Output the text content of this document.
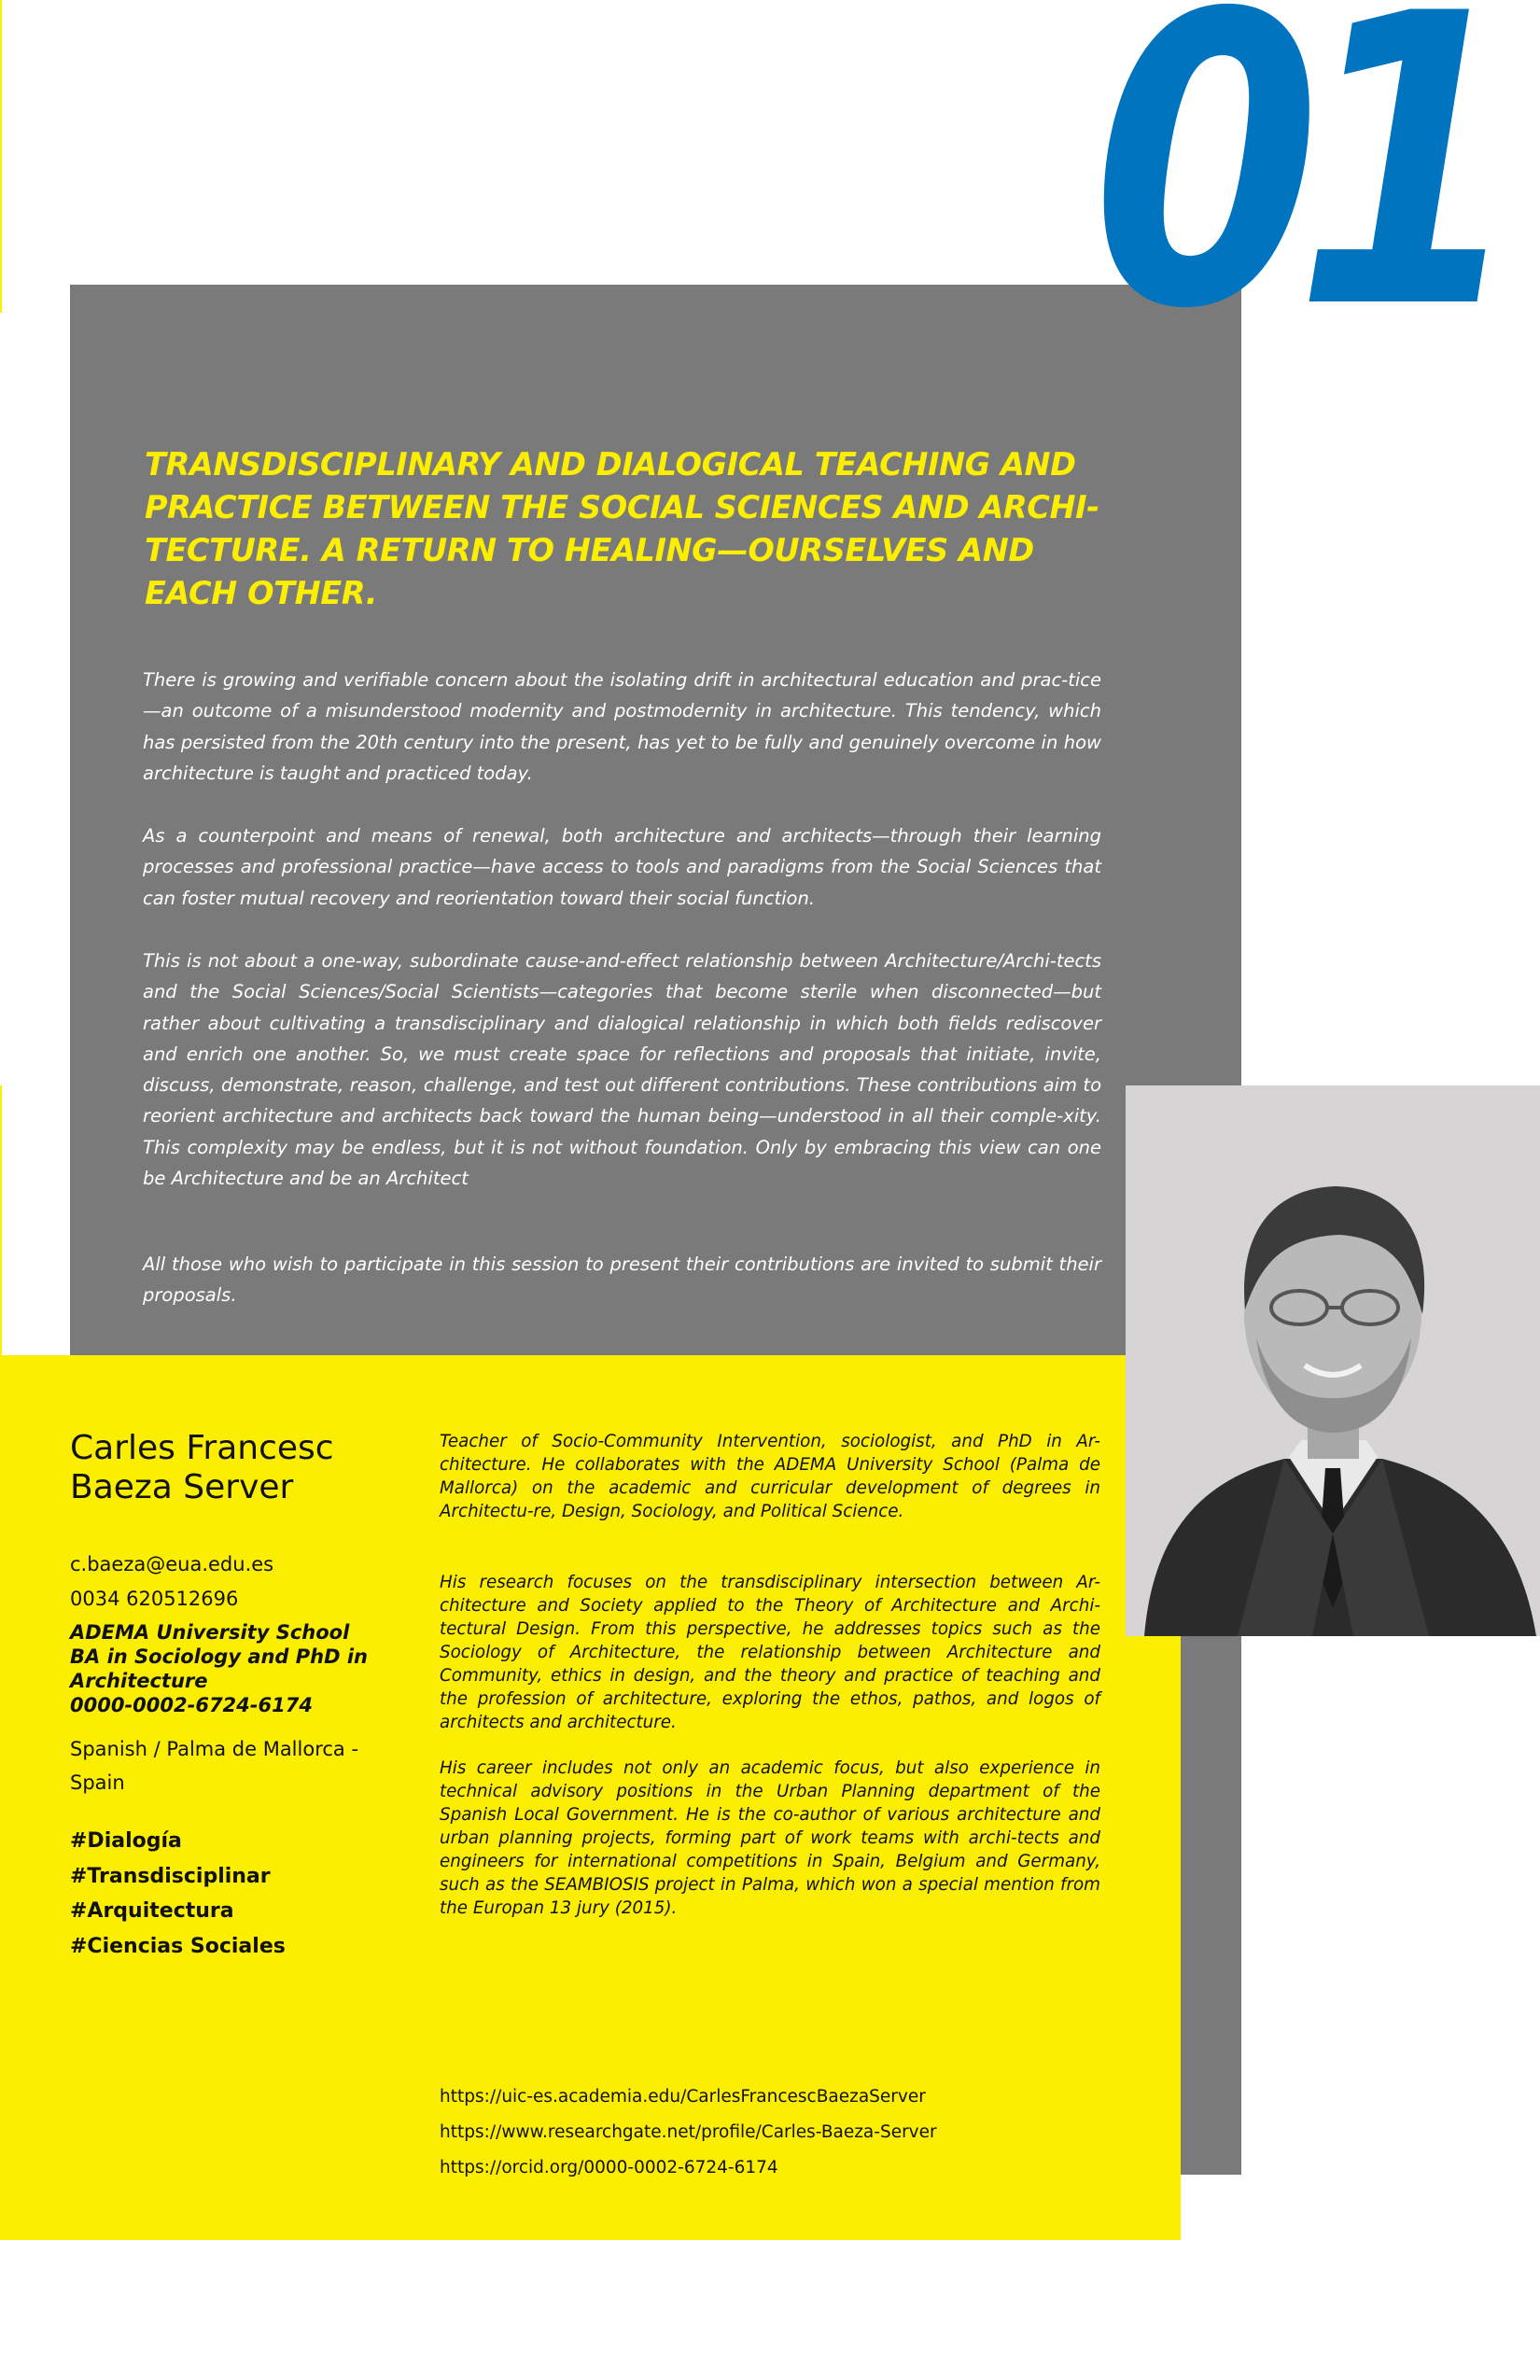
01
TRANSDISCIPLINARY AND DIALOGICAL TEACHING AND PRACTICE BETWEEN THE SOCIAL SCIENCES AND ARCHI-TECTURE. A RETURN TO HEALING—OURSELVES AND EACH OTHER.

There is growing and verifiable concern about the isolating drift in architectural education and prac-tice—an outcome of a misunderstood modernity and postmodernity in architecture. This tendency, which has persisted from the 20th century into the present, has yet to be fully and genuinely overcome in how architecture is taught and practiced today.

As a counterpoint and means of renewal, both architecture and architects—through their learning processes and professional practice—have access to tools and paradigms from the Social Sciences that can foster mutual recovery and reorientation toward their social function.

This is not about a one-way, subordinate cause-and-effect relationship between Architecture/Archi-tects and the Social Sciences/Social Scientists—categories that become sterile when disconnected—but rather about cultivating a transdisciplinary and dialogical relationship in which both fields rediscover and enrich one another. So, we must create space for reflections and proposals that initiate, invite, discuss, demonstrate, reason, challenge, and test out different contributions. These contributions aim to reorient architecture and architects back toward the human being—understood in all their comple-xity. This complexity may be endless, but it is not without foundation. Only by embracing this view can one be Architecture and be an Architect

All those who wish to participate in this session to present their contributions are invited to submit their proposals.

Carles Francesc
Baeza Server
c.baeza@eua.edu.es
0034 620512696
ADEMA University School
BA in Sociology and PhD in Architecture
0000-0002-6724-6174
Spanish / Palma de Mallorca -
Spain
#Dialogía
#Transdisciplinar
#Arquitectura
#Ciencias Sociales

Teacher of Socio-Community Intervention, sociologist, and PhD in Ar-chitecture. He collaborates with the ADEMA University School (Palma de Mallorca) on the academic and curricular development of degrees in Architectu-re, Design, Sociology, and Political Science.

His research focuses on the transdisciplinary intersection between Ar-chitecture and Society applied to the Theory of Architecture and Archi-tectural Design. From this perspective, he addresses topics such as the Sociology of Architecture, the relationship between Architecture and Community, ethics in design, and the theory and practice of teaching and the profession of architecture, exploring the ethos, pathos, and logos of architects and architecture.

His career includes not only an academic focus, but also experience in technical advisory positions in the Urban Planning department of the Spanish Local Government. He is the co-author of various architecture and urban planning projects, forming part of work teams with archi-tects and engineers for international competitions in Spain, Belgium and Germany, such as the SEAMBIOSIS project in Palma, which won a special mention from the Europan 13 jury (2015).

https://uic-es.academia.edu/CarlesFrancescBaezaServer
https://www.researchgate.net/profile/Carles-Baeza-Server
https://orcid.org/0000-0002-6724-6174
